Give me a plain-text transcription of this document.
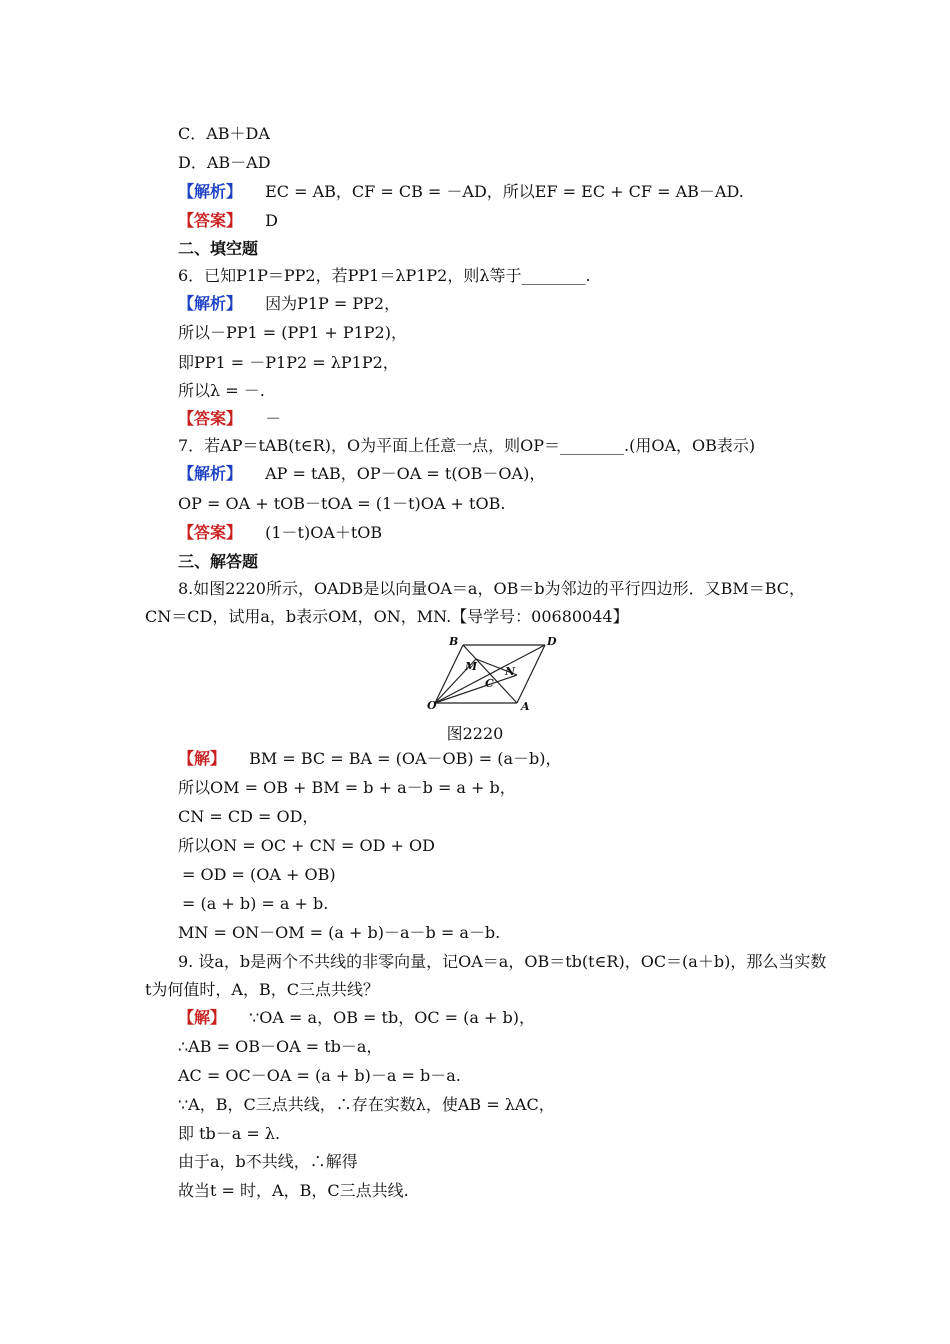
C．AB＋DA
D．AB－AD
【解析】 EC = AB，CF = CB = －AD，所以EF = EC + CF = AB－AD.
【答案】 D
二、填空题
6．已知P1P＝PP2，若PP1＝λP1P2，则λ等于________.
【解析】 因为P1P = PP2，
所以－PP1 = (PP1 + P1P2)，
即PP1 = －P1P2 = λP1P2，
所以λ = －.
【答案】 －
7．若AP＝tAB(t∈R)，O为平面上任意一点，则OP＝________.(用OA，OB表示)
【解析】 AP = tAB，OP－OA = t(OB－OA)，
OP = OA + tOB－tOA = (1－t)OA + tOB.
【答案】 (1－t)OA＋tOB
三、解答题
8.如图2220所示，OADB是以向量OA＝a，OB＝b为邻边的平行四边形．又BM＝BC，
CN＝CD，试用a，b表示OM，ON，MN.【导学号：00680044】
B	D
M	N
C
O	A
图2220
【解】 BM = BC = BA = (OA－OB) = (a－b)，
所以OM = OB + BM = b + a－b = a + b，
CN = CD = OD，
所以ON = OC + CN = OD + OD
= OD = (OA + OB)
= (a + b) = a + b.
MN = ON－OM = (a + b)－a－b = a－b.
9. 设a，b是两个不共线的非零向量，记OA＝a，OB＝tb(t∈R)，OC＝(a＋b)，那么当实数
t为何值时，A，B，C三点共线？
【解】 ∵OA = a，OB = tb，OC = (a + b)，
∴AB = OB－OA = tb－a，
AC = OC－OA = (a + b)－a = b－a.
∵A，B，C三点共线，∴存在实数λ，使AB = λAC，
即 tb－a = λ.
由于a，b不共线，∴解得
故当t = 时，A，B，C三点共线.
